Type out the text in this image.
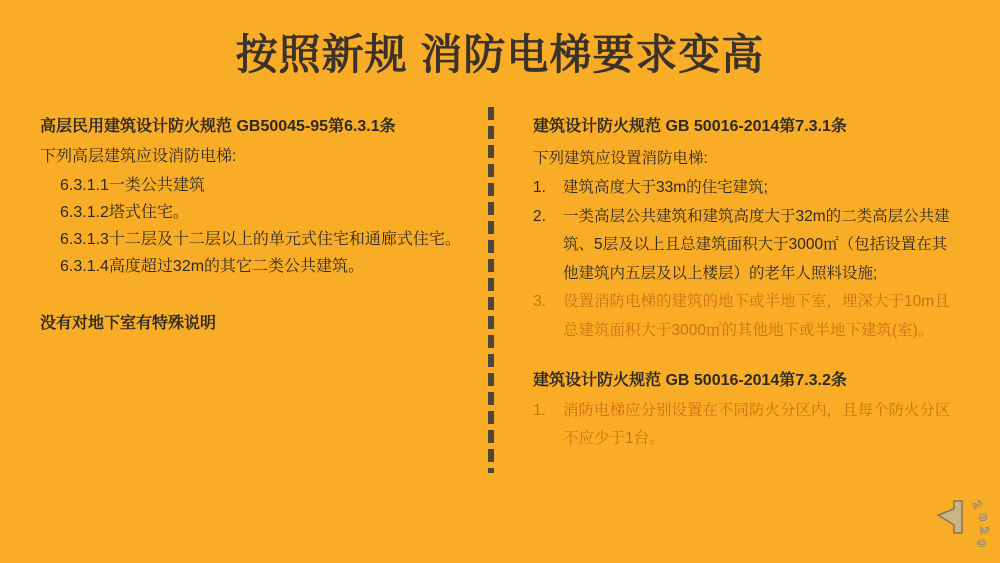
按照新规 消防电梯要求变高
高层民用建筑设计防火规范 GB50045-95第6.3.1条
下列高层建筑应设消防电梯:
6.3.1.1一类公共建筑
6.3.1.2塔式住宅。
6.3.1.3十二层及十二层以上的单元式住宅和通廊式住宅。
6.3.1.4高度超过32m的其它二类公共建筑。
没有对地下室有特殊说明
建筑设计防火规范 GB 50016-2014第7.3.1条
下列建筑应设置消防电梯:
1.	建筑高度大于33m的住宅建筑;
2.	一类高层公共建筑和建筑高度大于32m的二类高层公共建筑、5层及以上且总建筑面积大于3000㎡（包括设置在其他建筑内五层及以上楼层）的老年人照料设施;
3.	设置消防电梯的建筑的地下或半地下室，埋深大于10m且总建筑面积大于3000㎡的其他地下或半地下建筑(室)。
建筑设计防火规范 GB 50016-2014第7.3.2条
1.	消防电梯应分别设置在不同防火分区内，且每个防火分区不应少于1台。
2
0
2
0
